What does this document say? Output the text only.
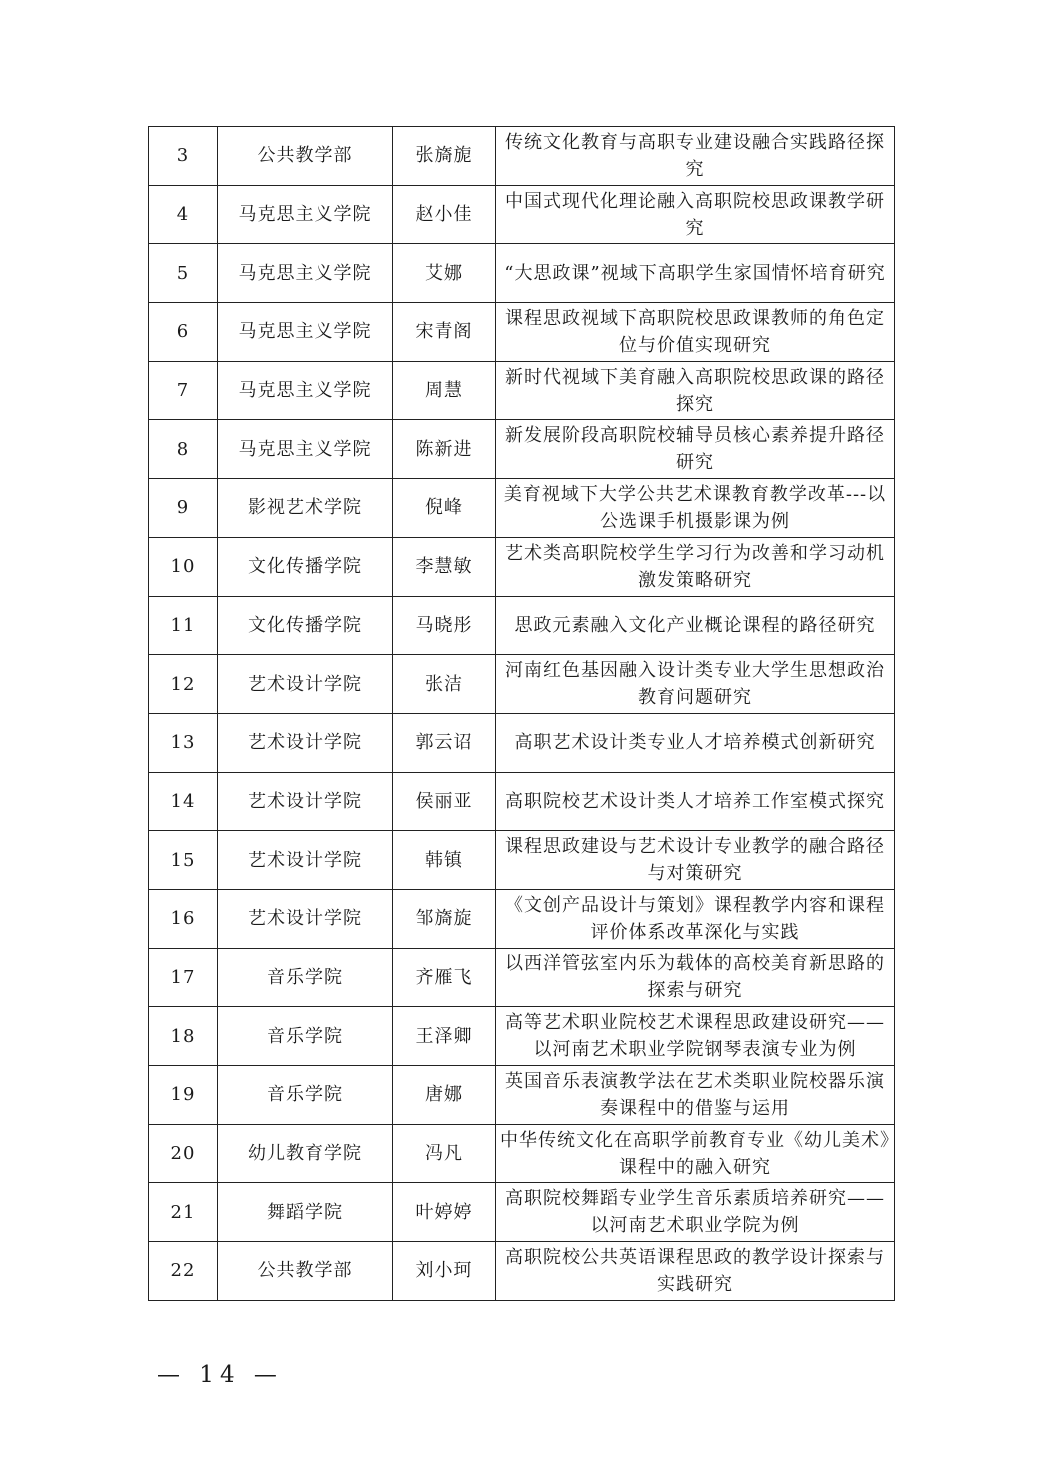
3	公共教学部	张旖旎	传统文化教育与高职专业建设融合实践路径探究
4	马克思主义学院	赵小佳	中国式现代化理论融入高职院校思政课教学研究
5	马克思主义学院	艾娜	“大思政课”视域下高职学生家国情怀培育研究
6	马克思主义学院	宋青阁	课程思政视域下高职院校思政课教师的角色定位与价值实现研究
7	马克思主义学院	周慧	新时代视域下美育融入高职院校思政课的路径探究
8	马克思主义学院	陈新进	新发展阶段高职院校辅导员核心素养提升路径研究
9	影视艺术学院	倪峰	美育视域下大学公共艺术课教育教学改革---以公选课手机摄影课为例
10	文化传播学院	李慧敏	艺术类高职院校学生学习行为改善和学习动机激发策略研究
11	文化传播学院	马晓彤	思政元素融入文化产业概论课程的路径研究
12	艺术设计学院	张洁	河南红色基因融入设计类专业大学生思想政治教育问题研究
13	艺术设计学院	郭云诏	高职艺术设计类专业人才培养模式创新研究
14	艺术设计学院	侯丽亚	高职院校艺术设计类人才培养工作室模式探究
15	艺术设计学院	韩镇	课程思政建设与艺术设计专业教学的融合路径与对策研究
16	艺术设计学院	邹旖旋	《文创产品设计与策划》课程教学内容和课程评价体系改革深化与实践
17	音乐学院	齐雁飞	以西洋管弦室内乐为载体的高校美育新思路的探索与研究
18	音乐学院	王泽卿	高等艺术职业院校艺术课程思政建设研究——以河南艺术职业学院钢琴表演专业为例
19	音乐学院	唐娜	英国音乐表演教学法在艺术类职业院校器乐演奏课程中的借鉴与运用
20	幼儿教育学院	冯凡	中华传统文化在高职学前教育专业《幼儿美术》课程中的融入研究
21	舞蹈学院	叶婷婷	高职院校舞蹈专业学生音乐素质培养研究——以河南艺术职业学院为例
22	公共教学部	刘小珂	高职院校公共英语课程思政的教学设计探索与实践研究
— 14 —
